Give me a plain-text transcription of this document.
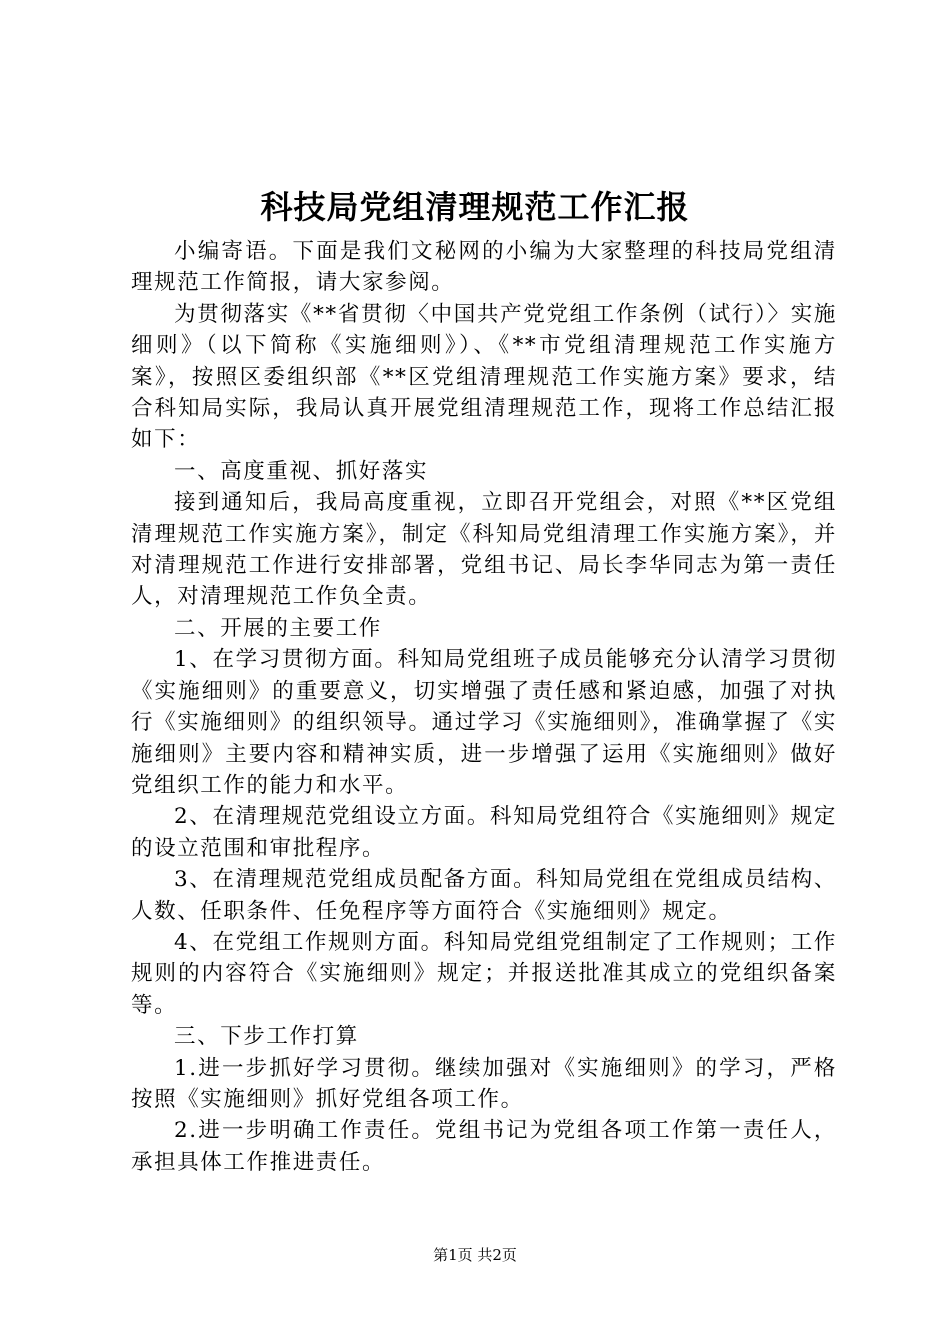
科技局党组清理规范工作汇报

小编寄语。下面是我们文秘网的小编为大家整理的科技局党组清理规范工作简报，请大家参阅。

为贯彻落实《**省贯彻〈中国共产党党组工作条例（试行）〉实施细则》（以下简称《实施细则》）、《**市党组清理规范工作实施方案》，按照区委组织部《**区党组清理规范工作实施方案》要求，结合科知局实际，我局认真开展党组清理规范工作，现将工作总结汇报如下：

一、高度重视、抓好落实

接到通知后，我局高度重视，立即召开党组会，对照《**区党组清理规范工作实施方案》，制定《科知局党组清理工作实施方案》，并对清理规范工作进行安排部署，党组书记、局长李华同志为第一责任人，对清理规范工作负全责。

二、开展的主要工作

1、在学习贯彻方面。科知局党组班子成员能够充分认清学习贯彻《实施细则》的重要意义，切实增强了责任感和紧迫感，加强了对执行《实施细则》的组织领导。通过学习《实施细则》，准确掌握了《实施细则》主要内容和精神实质，进一步增强了运用《实施细则》做好党组织工作的能力和水平。

2、在清理规范党组设立方面。科知局党组符合《实施细则》规定的设立范围和审批程序。

3、在清理规范党组成员配备方面。科知局党组在党组成员结构、人数、任职条件、任免程序等方面符合《实施细则》规定。

4、在党组工作规则方面。科知局党组党组制定了工作规则；工作规则的内容符合《实施细则》规定；并报送批准其成立的党组织备案等。

三、下步工作打算

1.进一步抓好学习贯彻。继续加强对《实施细则》的学习，严格按照《实施细则》抓好党组各项工作。

2.进一步明确工作责任。党组书记为党组各项工作第一责任人，承担具体工作推进责任。

第1页 共2页
